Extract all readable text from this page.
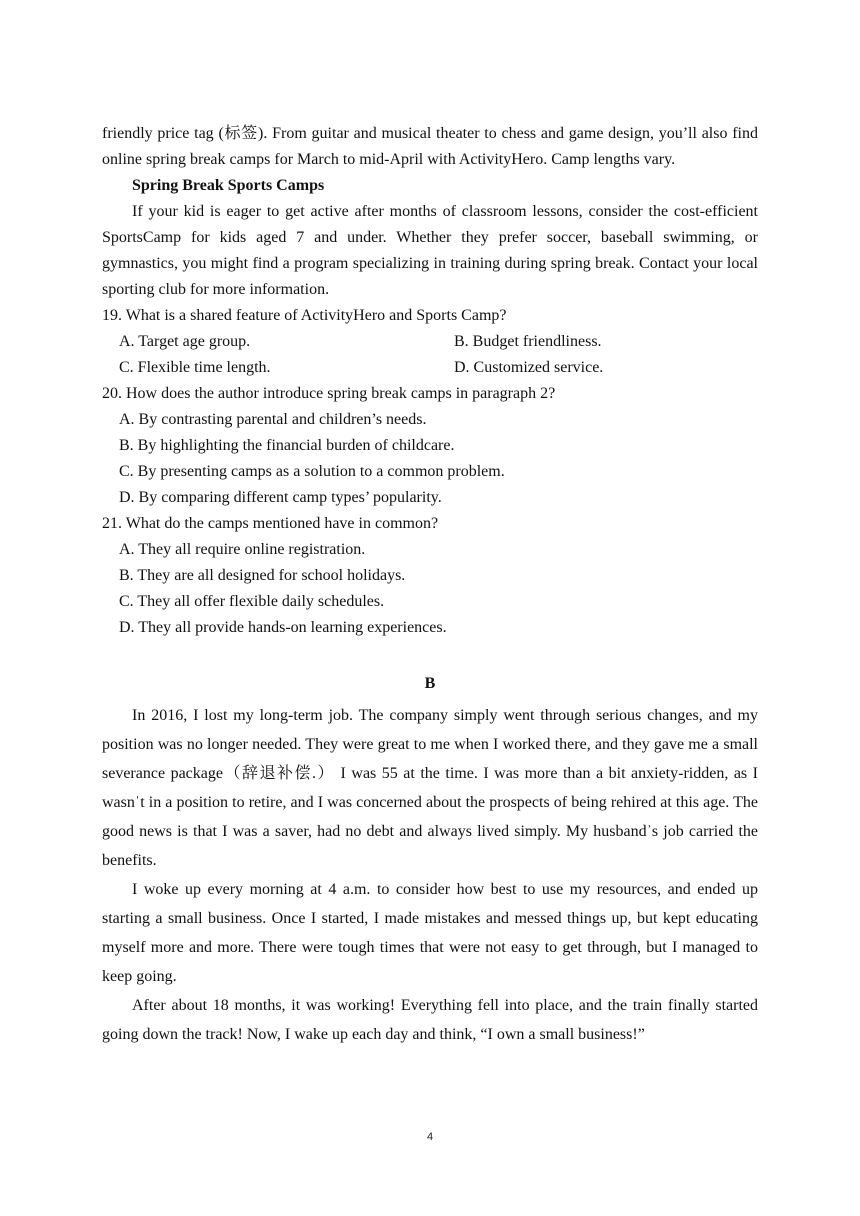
friendly price tag (标签). From guitar and musical theater to chess and game design, you’ll also find online spring break camps for March to mid-April with ActivityHero. Camp lengths vary.

Spring Break Sports Camps

If your kid is eager to get active after months of classroom lessons, consider the cost-efficient SportsCamp for kids aged 7 and under. Whether they prefer soccer, baseball swimming, or gymnastics, you might find a program specializing in training during spring break. Contact your local sporting club for more information.

19. What is a shared feature of ActivityHero and Sports Camp?

A. Target age group.	B. Budget friendliness.
C. Flexible time length.	D. Customized service.

20. How does the author introduce spring break camps in paragraph 2?

A. By contrasting parental and children’s needs.

B. By highlighting the financial burden of childcare.

C. By presenting camps as a solution to a common problem.

D. By comparing different camp types’ popularity.

21. What do the camps mentioned have in common?

A. They all require online registration.

B. They are all designed for school holidays.

C. They all offer flexible daily schedules.

D. They all provide hands-on learning experiences.

B

In 2016, I lost my long-term job. The company simply went through serious changes, and my position was no longer needed. They were great to me when I worked there, and they gave me a small severance package（辞退补偿.） I was 55 at the time. I was more than a bit anxiety-ridden, as I wasnˈt in a position to retire, and I was concerned about the prospects of being rehired at this age. The good news is that I was a saver, had no debt and always lived simply. My husbandˈs job carried the benefits.

I woke up every morning at 4 a.m. to consider how best to use my resources, and ended up starting a small business. Once I started, I made mistakes and messed things up, but kept educating myself more and more. There were tough times that were not easy to get through, but I managed to keep going.

After about 18 months, it was working! Everything fell into place, and the train finally started going down the track! Now, I wake up each day and think, “I own a small business!”

4
